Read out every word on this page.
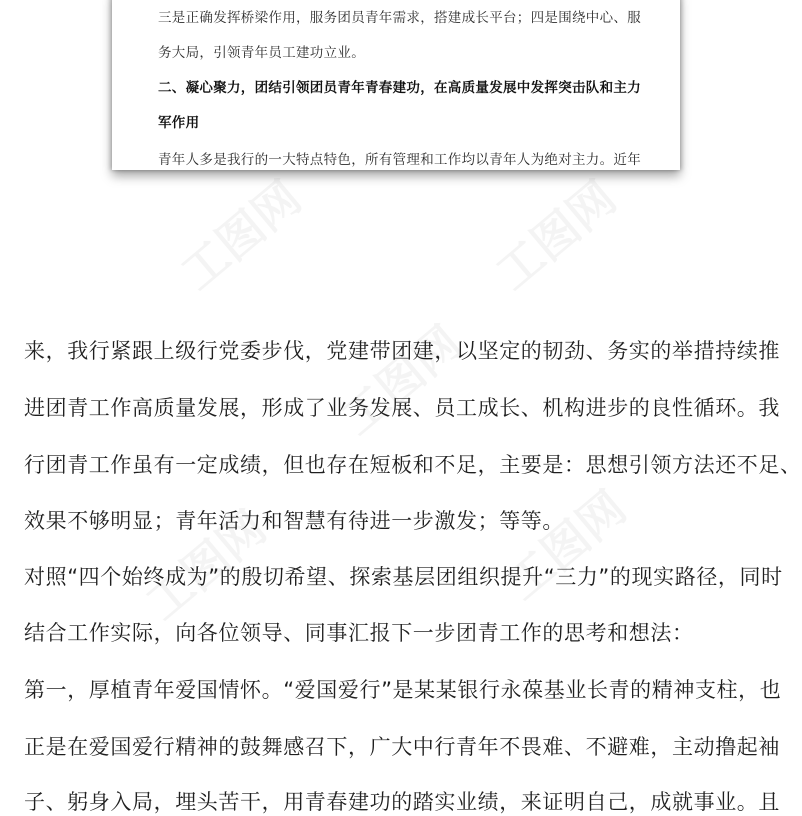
三是正确发挥桥梁作用，服务团员青年需求，搭建成长平台；四是围绕中心、服
务大局，引领青年员工建功立业。
二、凝心聚力，团结引领团员青年青春建功，在高质量发展中发挥突击队和主力
军作用
青年人多是我行的一大特点特色，所有管理和工作均以青年人为绝对主力。近年
来，我行紧跟上级行党委步伐，党建带团建，以坚定的韧劲、务实的举措持续推
进团青工作高质量发展，形成了业务发展、员工成长、机构进步的良性循环。我
行团青工作虽有一定成绩，但也存在短板和不足，主要是：思想引领方法还不足、
效果不够明显；青年活力和智慧有待进一步激发；等等。
对照“四个始终成为”的殷切希望、探索基层团组织提升“三力”的现实路径，同时
结合工作实际，向各位领导、同事汇报下一步团青工作的思考和想法：
第一，厚植青年爱国情怀。“爱国爱行”是某某银行永葆基业长青的精神支柱，也
正是在爱国爱行精神的鼓舞感召下，广大中行青年不畏难、不避难，主动撸起袖
子、躬身入局，埋头苦干，用青春建功的踏实业绩，来证明自己，成就事业。且
